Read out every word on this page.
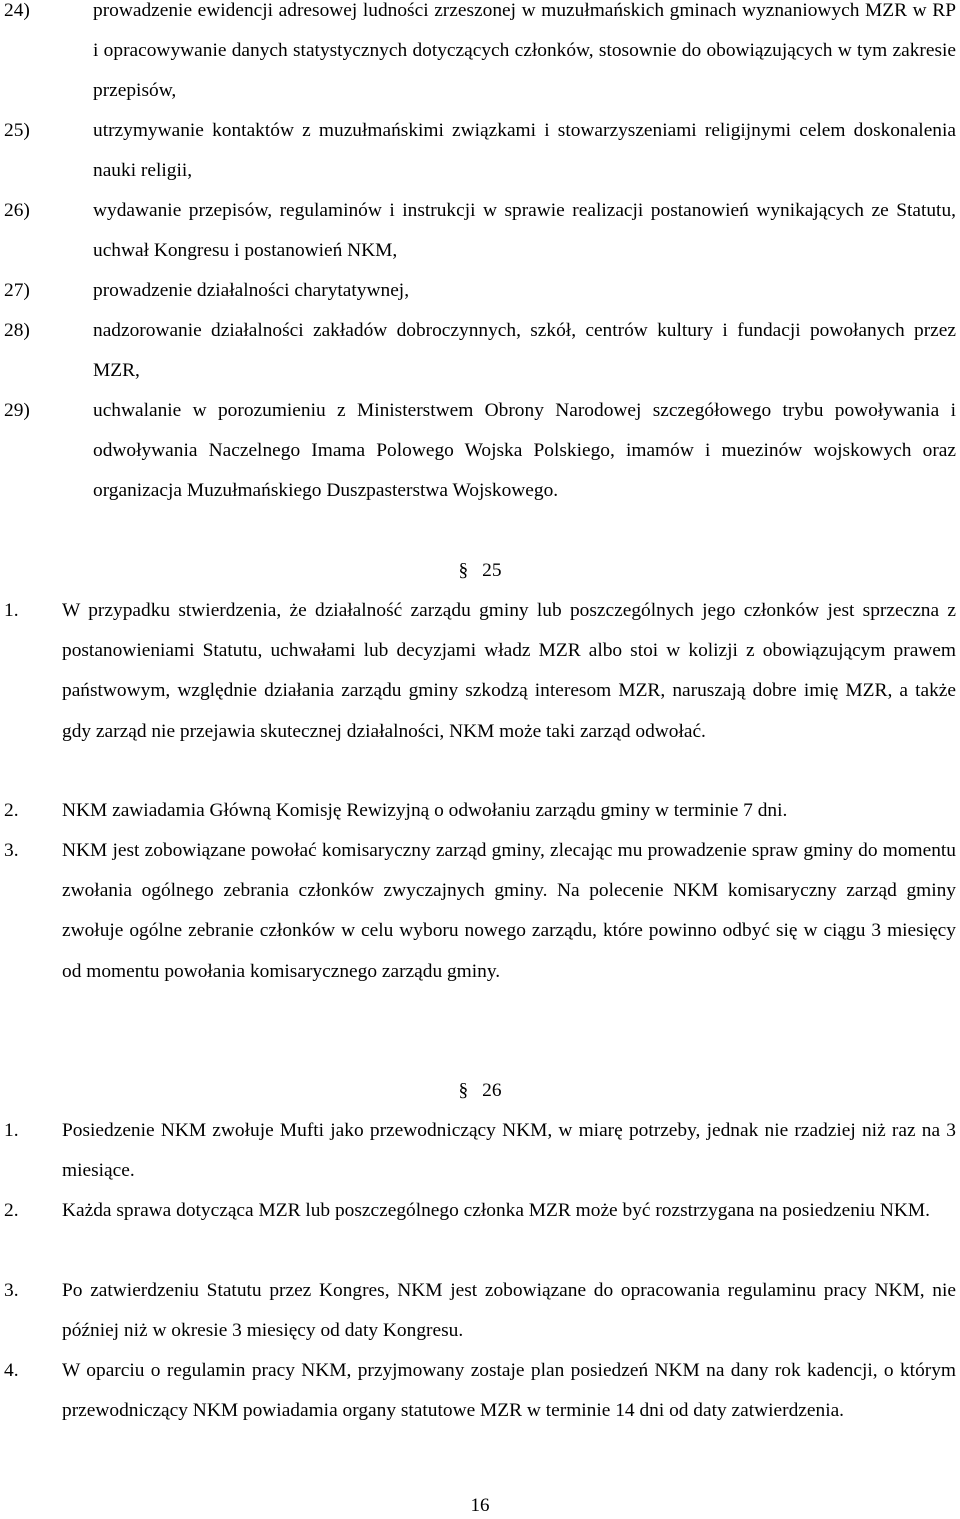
24)	prowadzenie ewidencji adresowej ludności zrzeszonej w muzułmańskich gminach wyznaniowych MZR w RP i opracowywanie danych statystycznych dotyczących członków, stosownie do obowiązujących w tym zakresie przepisów,
25)	utrzymywanie kontaktów z muzułmańskimi związkami i stowarzyszeniami religijnymi celem doskonalenia nauki religii,
26)	wydawanie przepisów, regulaminów i instrukcji w sprawie realizacji postanowień wynikających ze Statutu, uchwał Kongresu i postanowień NKM,
27)	prowadzenie działalności charytatywnej,
28)	nadzorowanie działalności zakładów dobroczynnych, szkół, centrów kultury i fundacji powołanych przez MZR,
29)	uchwalanie w porozumieniu z Ministerstwem Obrony Narodowej szczegółowego trybu powoływania i odwoływania Naczelnego Imama Polowego Wojska Polskiego, imamów i muezinów wojskowych oraz organizacja Muzułmańskiego Duszpasterstwa Wojskowego.
§ 25
1.	W przypadku stwierdzenia, że działalność zarządu gminy lub poszczególnych jego członków jest sprzeczna z postanowieniami Statutu, uchwałami lub decyzjami władz MZR albo stoi w kolizji z obowiązującym prawem państwowym, względnie działania zarządu gminy szkodzą interesom MZR, naruszają dobre imię MZR, a także gdy zarząd nie przejawia skutecznej działalności, NKM może taki zarząd odwołać.
2.	NKM zawiadamia Główną Komisję Rewizyjną o odwołaniu zarządu gminy w terminie 7 dni.
3.	NKM jest zobowiązane powołać komisaryczny zarząd gminy, zlecając mu prowadzenie spraw gminy do momentu zwołania ogólnego zebrania członków zwyczajnych gminy. Na polecenie NKM komisaryczny zarząd gminy zwołuje ogólne zebranie członków w celu wyboru nowego zarządu, które powinno odbyć się w ciągu 3 miesięcy od momentu powołania komisarycznego zarządu gminy.
§ 26
1.	Posiedzenie NKM zwołuje Mufti jako przewodniczący NKM, w miarę potrzeby, jednak nie rzadziej niż raz na 3 miesiące.
2.	Każda sprawa dotycząca MZR lub poszczególnego członka MZR może być rozstrzygana na posiedzeniu NKM.
3.	Po zatwierdzeniu Statutu przez Kongres, NKM jest zobowiązane do opracowania regulaminu pracy NKM, nie później niż w okresie 3 miesięcy od daty Kongresu.
4.	W oparciu o regulamin pracy NKM, przyjmowany zostaje plan posiedzeń NKM na dany rok kadencji, o którym przewodniczący NKM powiadamia organy statutowe MZR w terminie 14 dni od daty zatwierdzenia.
16
